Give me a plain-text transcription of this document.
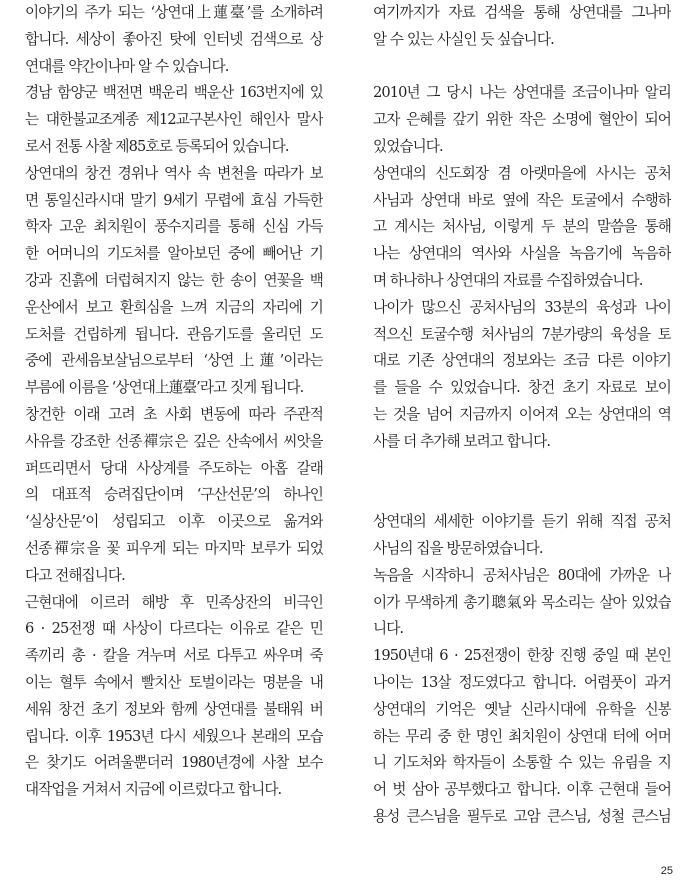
이야기의 주가 되는 ‘상연대上蓮臺’를 소개하려
합니다. 세상이 좋아진 탓에 인터넷 검색으로 상
연대를 약간이나마 알 수 있습니다.
경남 함양군 백전면 백운리 백운산 163번지에 있
는 대한불교조계종 제12교구본사인 해인사 말사
로서 전통 사찰 제85호로 등록되어 있습니다.
상연대의 창건 경위나 역사 속 변천을 따라가 보
면 통일신라시대 말기 9세기 무렵에 효심 가득한
학자 고운 최치원이 풍수지리를 통해 신심 가득
한 어머니의 기도처를 알아보던 중에 빼어난 기
강과 진흙에 더럽혀지지 않는 한 송이 연꽃을 백
운산에서 보고 환희심을 느껴 지금의 자리에 기
도처를 건립하게 됩니다. 관음기도를 올리던 도
중에 관세음보살님으로부터 ‘상연上蓮’이라는
부름에 이름을 ‘상연대上蓮臺’라고 짓게 됩니다.
창건한 이래 고려 초 사회 변동에 따라 주관적
사유를 강조한 선종禪宗은 깊은 산속에서 씨앗을
퍼뜨리면서 당대 사상계를 주도하는 아홉 갈래
의 대표적 승려집단이며 ‘구산선문’의 하나인
‘실상산문’이 성립되고 이후 이곳으로 옮겨와
선종禪宗을 꽃 피우게 되는 마지막 보루가 되었
다고 전해집니다.
근현대에 이르러 해방 후 민족상잔의 비극인
6 · 25전쟁 때 사상이 다르다는 이유로 같은 민
족끼리 총 · 칼을 겨누며 서로 다투고 싸우며 죽
이는 혈투 속에서 빨치산 토벌이라는 명분을 내
세워 창건 초기 정보와 함께 상연대를 불태워 버
립니다. 이후 1953년 다시 세웠으나 본래의 모습
은 찾기도 어려울뿐더러 1980년경에 사찰 보수
대작업을 거쳐서 지금에 이르렀다고 합니다.
여기까지가 자료 검색을 통해 상연대를 그나마
알 수 있는 사실인 듯 싶습니다.
2010년 그 당시 나는 상연대를 조금이나마 알리
고자 은혜를 갚기 위한 작은 소명에 혈안이 되어
있었습니다.
상연대의 신도회장 겸 아랫마을에 사시는 공처
사님과 상연대 바로 옆에 작은 토굴에서 수행하
고 계시는 처사님, 이렇게 두 분의 말씀을 통해
나는 상연대의 역사와 사실을 녹음기에 녹음하
며 하나하나 상연대의 자료를 수집하였습니다.
나이가 많으신 공처사님의 33분의 육성과 나이
적으신 토굴수행 처사님의 7분가량의 육성을 토
대로 기존 상연대의 정보와는 조금 다른 이야기
를 들을 수 있었습니다. 창건 초기 자료로 보이
는 것을 넘어 지금까지 이어져 오는 상연대의 역
사를 더 추가해 보려고 합니다.
상연대의 세세한 이야기를 듣기 위해 직접 공처
사님의 집을 방문하였습니다.
녹음을 시작하니 공처사님은 80대에 가까운 나
이가 무색하게 총기聰氣와 목소리는 살아 있었습
니다.
1950년대 6 · 25전쟁이 한창 진행 중일 때 본인
나이는 13살 정도였다고 합니다. 어렴풋이 과거
상연대의 기억은 옛날 신라시대에 유학을 신봉
하는 무리 중 한 명인 최치원이 상연대 터에 어머
니 기도처와 학자들이 소통할 수 있는 유림을 지
어 벗 삼아 공부했다고 합니다. 이후 근현대 들어
용성 큰스님을 필두로 고암 큰스님, 성철 큰스님
25
